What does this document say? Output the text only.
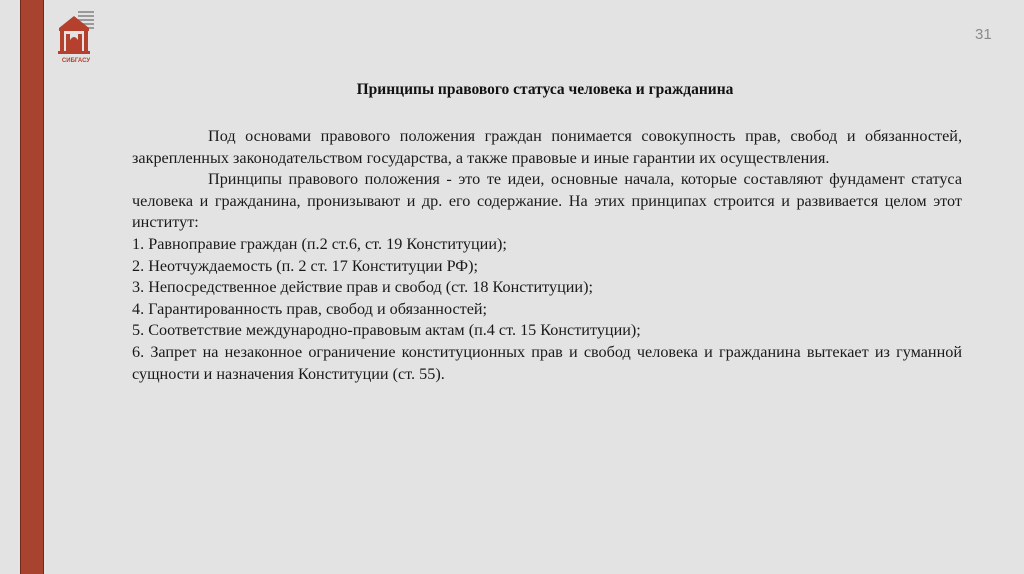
СИБГАСУ
31
Принципы правового статуса человека и гражданина

Под основами правового положения граждан понимается совокупность прав, свобод и обязанностей, закрепленных законодательством государства, а также правовые и иные гарантии их осуществления.

Принципы правового положения - это те идеи, основные начала, которые составляют фундамент статуса человека и гражданина, пронизывают и др. его содержание. На этих принципах строится и развивается целом этот институт:

1. Равноправие граждан (п.2 ст.6, ст. 19 Конституции);
2. Неотчуждаемость (п. 2 ст. 17 Конституции РФ);
3. Непосредственное действие прав и свобод (ст. 18 Конституции);
4. Гарантированность прав, свобод и обязанностей;
5. Соответствие международно-правовым актам (п.4 ст. 15 Конституции);
6. Запрет на незаконное ограничение конституционных прав и свобод человека и гражданина вытекает из гуманной сущности и назначения Конституции (ст. 55).
